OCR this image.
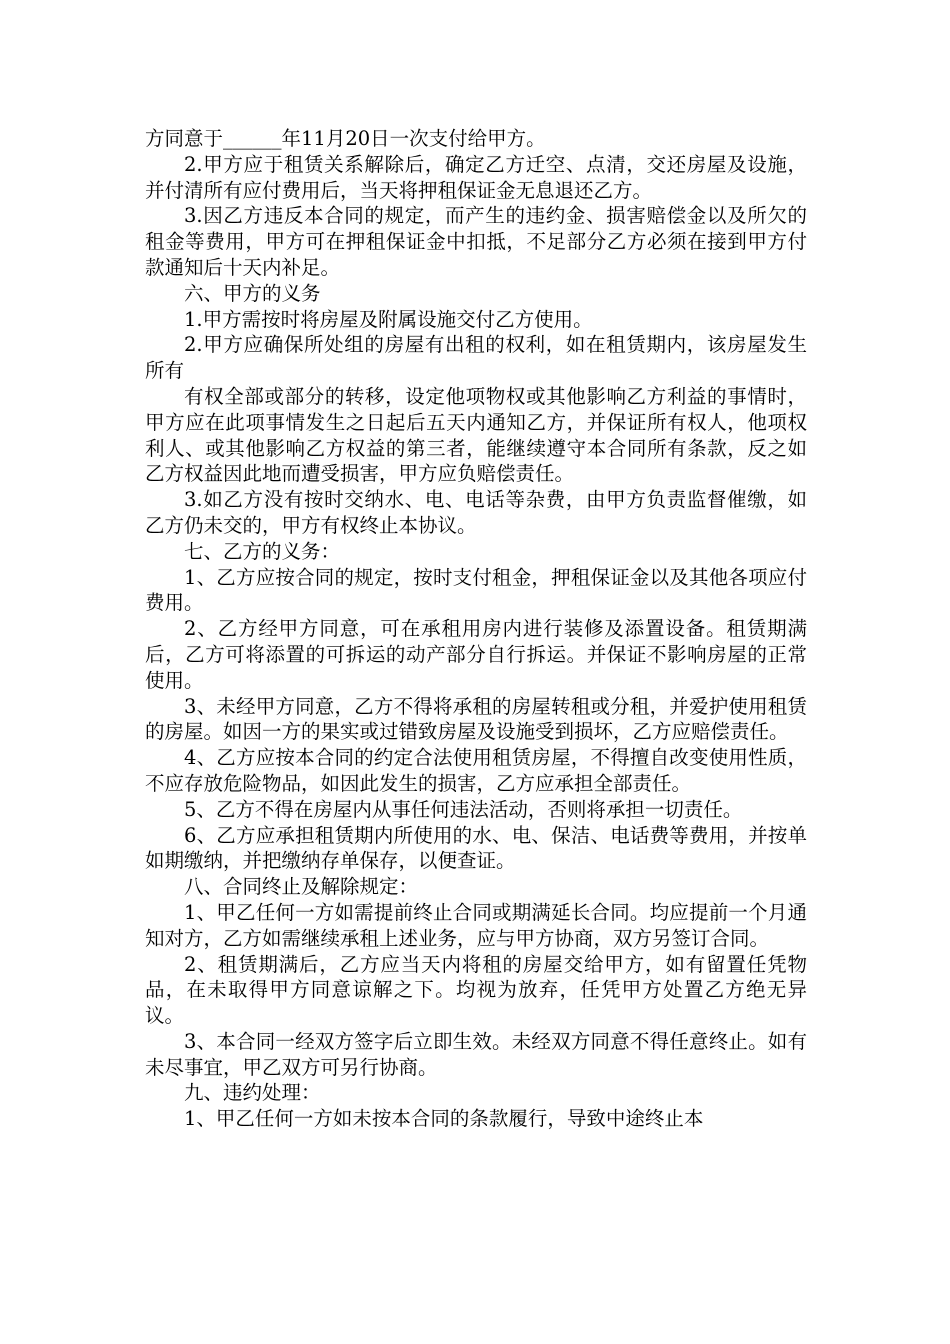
方同意于______年11月20日一次支付给甲方。

2.甲方应于租赁关系解除后，确定乙方迁空、点清，交还房屋及设施，并付清所有应付费用后，当天将押租保证金无息退还乙方。

3.因乙方违反本合同的规定，而产生的违约金、损害赔偿金以及所欠的租金等费用，甲方可在押租保证金中扣抵，不足部分乙方必须在接到甲方付款通知后十天内补足。

六、甲方的义务

1.甲方需按时将房屋及附属设施交付乙方使用。

2.甲方应确保所处组的房屋有出租的权利，如在租赁期内，该房屋发生所有

有权全部或部分的转移，设定他项物权或其他影响乙方利益的事情时，甲方应在此项事情发生之日起后五天内通知乙方，并保证所有权人，他项权利人、或其他影响乙方权益的第三者，能继续遵守本合同所有条款，反之如乙方权益因此地而遭受损害，甲方应负赔偿责任。

3.如乙方没有按时交纳水、电、电话等杂费，由甲方负责监督催缴，如乙方仍未交的，甲方有权终止本协议。

七、乙方的义务：

1、乙方应按合同的规定，按时支付租金，押租保证金以及其他各项应付费用。

2、乙方经甲方同意，可在承租用房内进行装修及添置设备。租赁期满后，乙方可将添置的可拆运的动产部分自行拆运。并保证不影响房屋的正常使用。

3、未经甲方同意，乙方不得将承租的房屋转租或分租，并爱护使用租赁的房屋。如因一方的果实或过错致房屋及设施受到损坏，乙方应赔偿责任。

4、乙方应按本合同的约定合法使用租赁房屋，不得擅自改变使用性质，不应存放危险物品，如因此发生的损害，乙方应承担全部责任。

5、乙方不得在房屋内从事任何违法活动，否则将承担一切责任。

6、乙方应承担租赁期内所使用的水、电、保洁、电话费等费用，并按单如期缴纳，并把缴纳存单保存，以便查证。

八、合同终止及解除规定：

1、甲乙任何一方如需提前终止合同或期满延长合同。均应提前一个月通知对方，乙方如需继续承租上述业务，应与甲方协商，双方另签订合同。

2、租赁期满后，乙方应当天内将租的房屋交给甲方，如有留置任凭物品，在未取得甲方同意谅解之下。均视为放弃，任凭甲方处置乙方绝无异议。

3、本合同一经双方签字后立即生效。未经双方同意不得任意终止。如有未尽事宜，甲乙双方可另行协商。

九、违约处理：

1、甲乙任何一方如未按本合同的条款履行，导致中途终止本
